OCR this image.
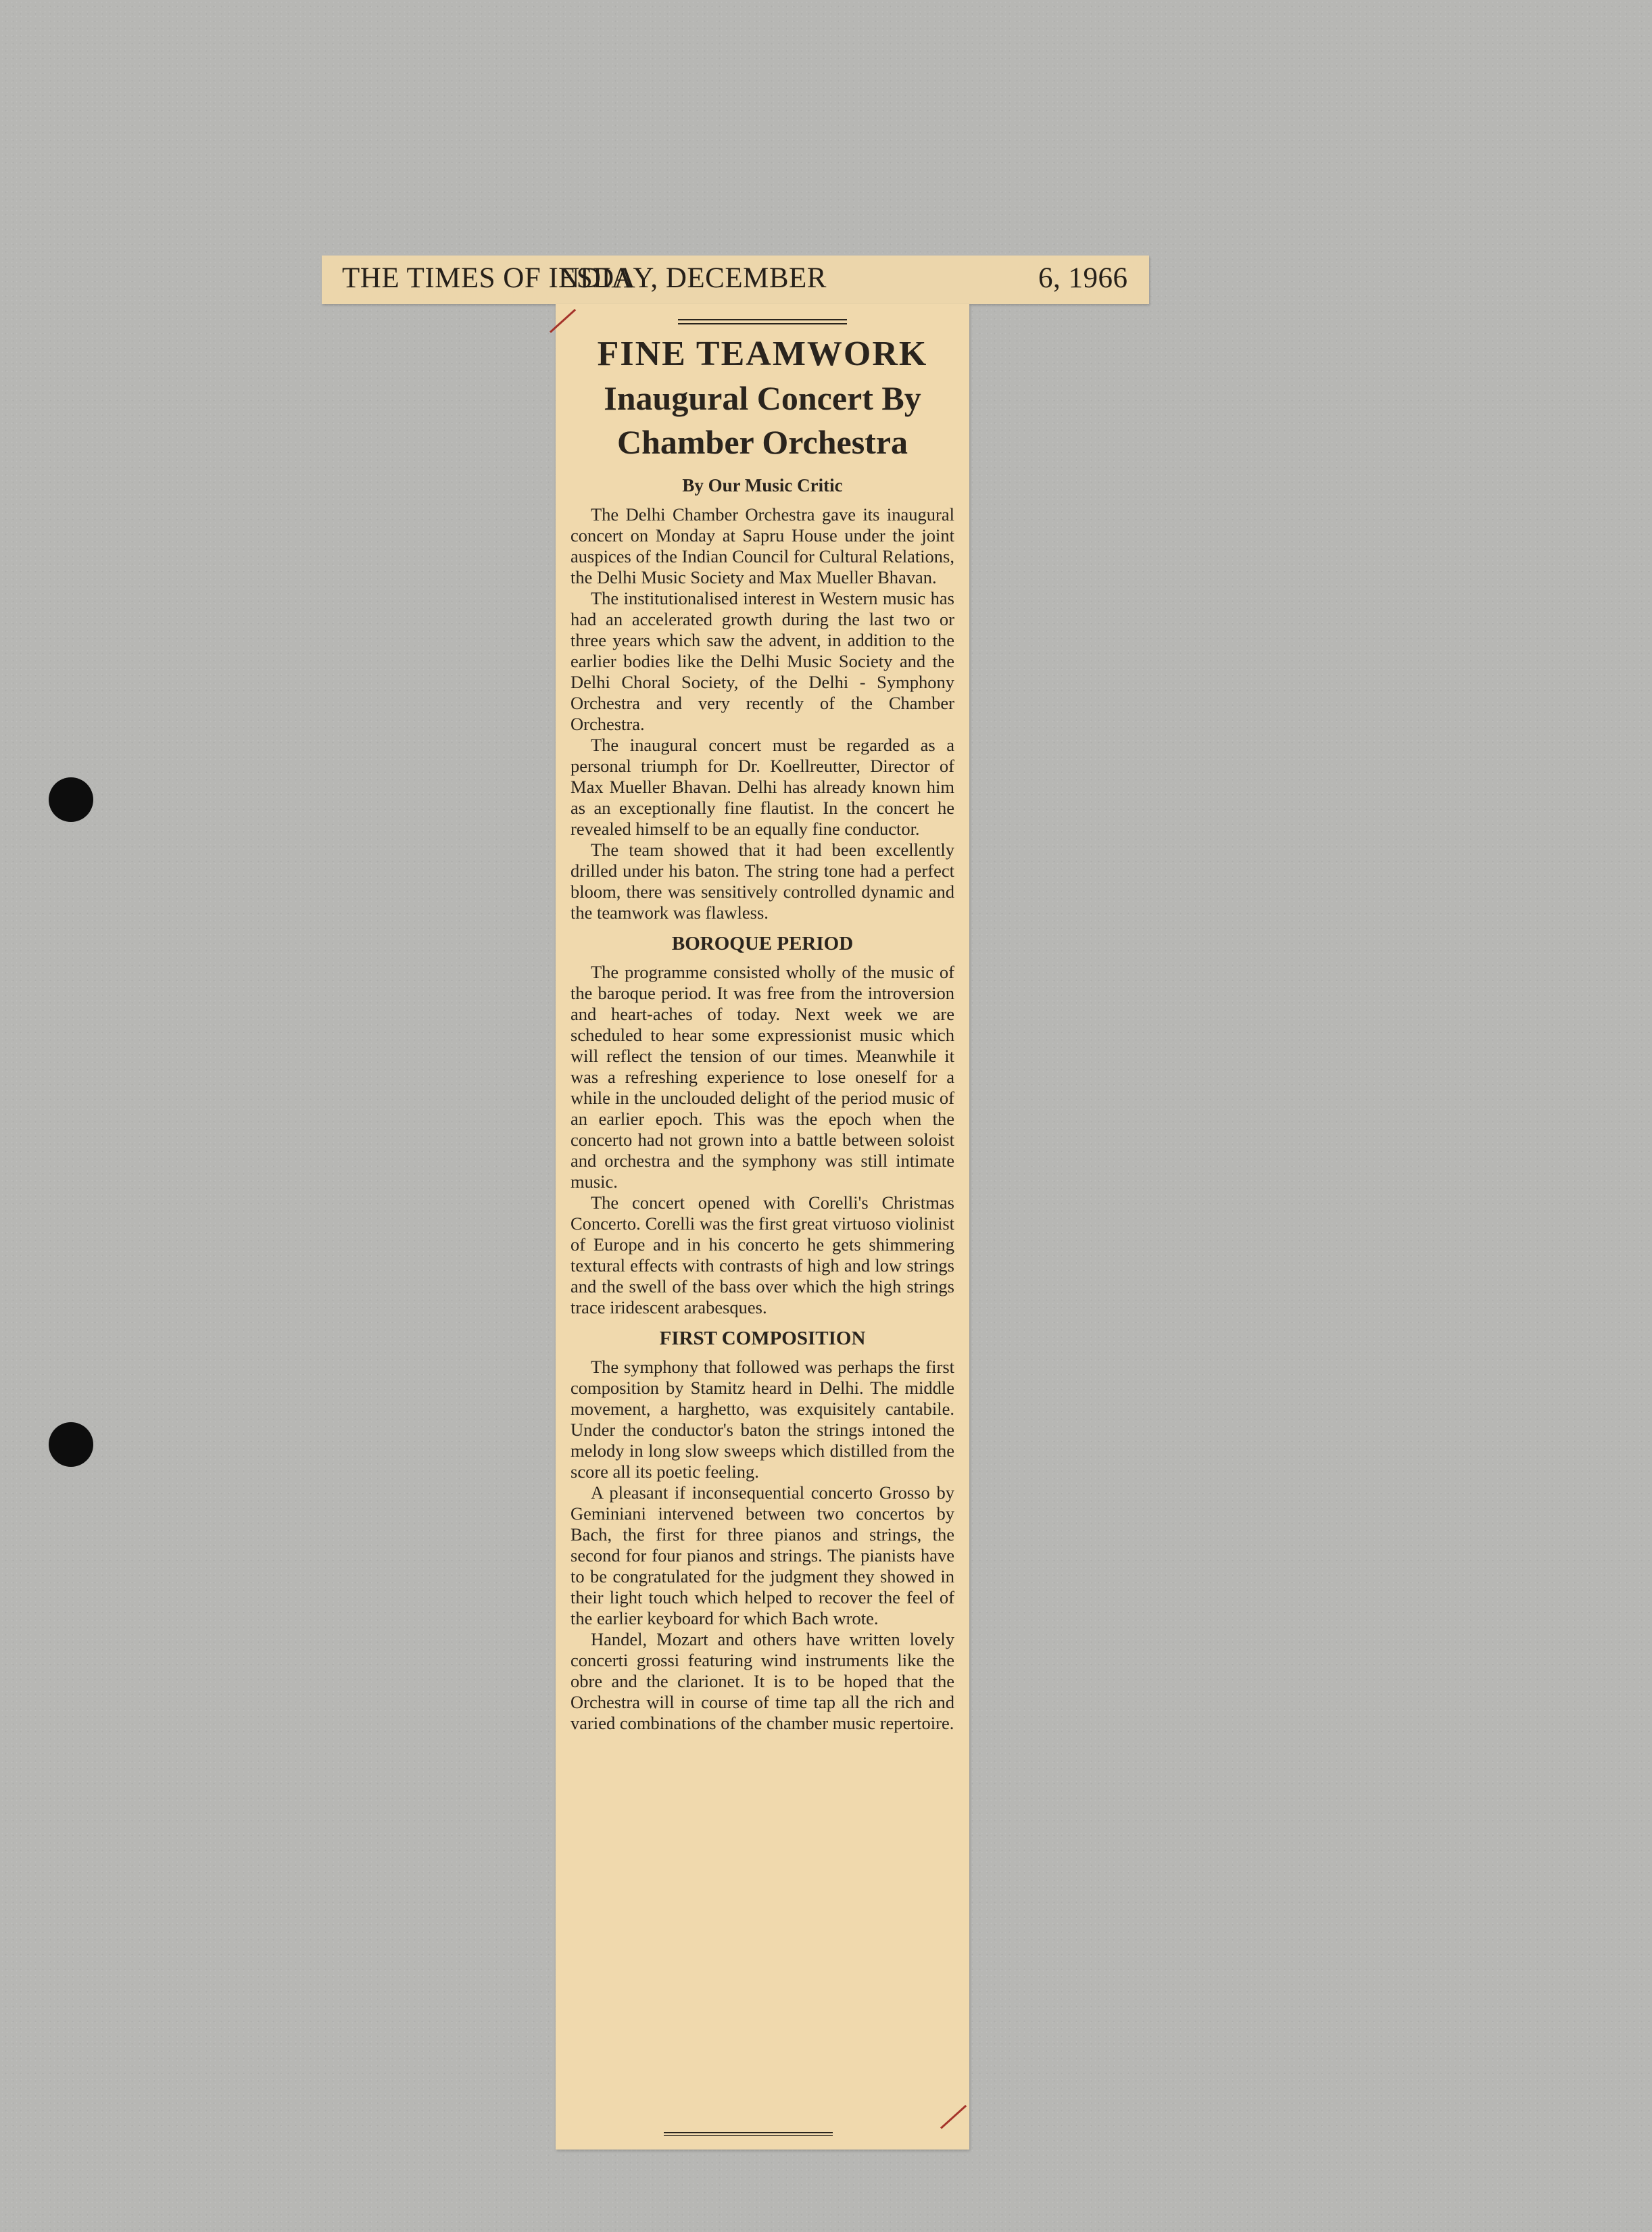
THE TIMES OF INDIA
ESDAY, DECEMBER	6, 1966
FINE TEAMWORK
Inaugural Concert By
Chamber Orchestra
By Our Music Critic

The Delhi Chamber Orchestra gave its inaugural concert on Monday at Sapru House under the joint auspices of the Indian Council for Cultural Relations, the Delhi Music Society and Max Mueller Bhavan.

The institutionalised interest in Western music has had an accelerated growth during the last two or three years which saw the advent, in addition to the earlier bodies like the Delhi Music Society and the Delhi Choral Society, of the Delhi - Symphony Orchestra and very recently of the Chamber Orchestra.

The inaugural concert must be regarded as a personal triumph for Dr. Koellreutter, Director of Max Mueller Bhavan. Delhi has already known him as an exceptionally fine flautist. In the concert he revealed himself to be an equally fine conductor.

The team showed that it had been excellently drilled under his baton. The string tone had a perfect bloom, there was sensitively controlled dynamic and the teamwork was flawless.

BOROQUE PERIOD

The programme consisted wholly of the music of the baroque period. It was free from the introversion and heart-aches of today. Next week we are scheduled to hear some expressionist music which will reflect the tension of our times. Meanwhile it was a refreshing experience to lose oneself for a while in the unclouded delight of the period music of an earlier epoch. This was the epoch when the concerto had not grown into a battle between soloist and orchestra and the symphony was still intimate music.

The concert opened with Corelli's Christmas Concerto. Corelli was the first great virtuoso violinist of Europe and in his concerto he gets shimmering textural effects with contrasts of high and low strings and the swell of the bass over which the high strings trace iridescent arabesques.

FIRST COMPOSITION

The symphony that followed was perhaps the first composition by Stamitz heard in Delhi. The middle movement, a harghetto, was exquisitely cantabile. Under the conductor's baton the strings intoned the melody in long slow sweeps which distilled from the score all its poetic feeling.

A pleasant if inconsequential concerto Grosso by Geminiani intervened between two concertos by Bach, the first for three pianos and strings, the second for four pianos and strings. The pianists have to be congratulated for the judgment they showed in their light touch which helped to recover the feel of the earlier keyboard for which Bach wrote.

Handel, Mozart and others have written lovely concerti grossi featuring wind instruments like the obre and the clarionet. It is to be hoped that the Orchestra will in course of time tap all the rich and varied combinations of the chamber music repertoire.
